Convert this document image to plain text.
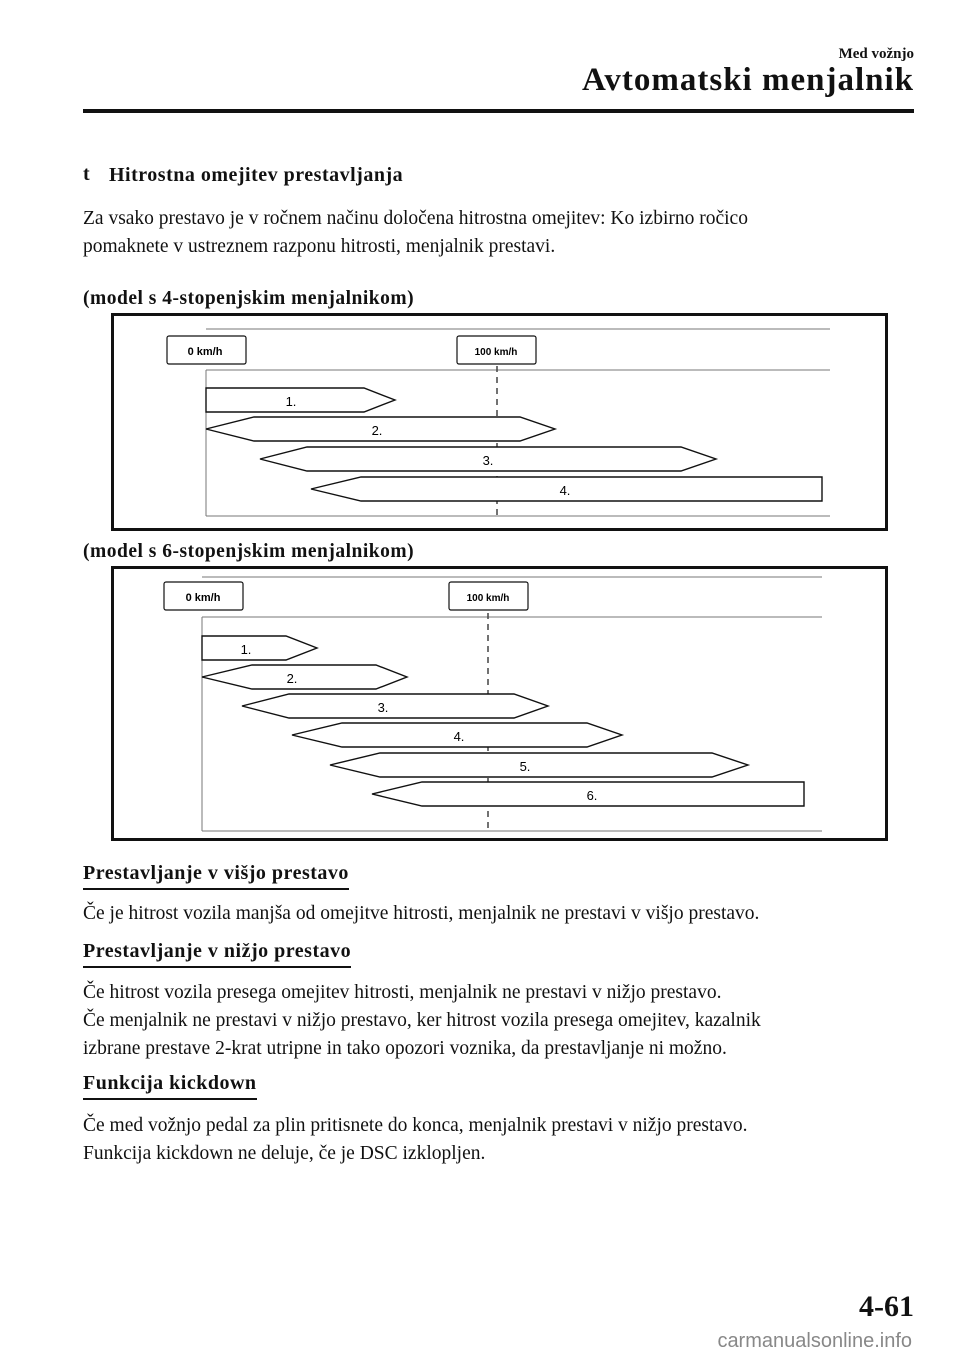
Med vožnjo
Avtomatski menjalnik
t Hitrostna omejitev prestavljanja
Za vsako prestavo je v ročnem načinu določena hitrostna omejitev: Ko izbirno ročico
pomaknete v ustreznem razponu hitrosti, menjalnik prestavi.
(model s 4-stopenjskim menjalnikom)
0 km/h	100 km/h
1.
2.
3.
4.
(model s 6-stopenjskim menjalnikom)
0 km/h	100 km/h
1.
2.
3.
4.
5.
6.
Prestavljanje v višjo prestavo
Če je hitrost vozila manjša od omejitve hitrosti, menjalnik ne prestavi v višjo prestavo.
Prestavljanje v nižjo prestavo
Če hitrost vozila presega omejitev hitrosti, menjalnik ne prestavi v nižjo prestavo.
Če menjalnik ne prestavi v nižjo prestavo, ker hitrost vozila presega omejitev, kazalnik
izbrane prestave 2-krat utripne in tako opozori voznika, da prestavljanje ni možno.
Funkcija kickdown
Če med vožnjo pedal za plin pritisnete do konca, menjalnik prestavi v nižjo prestavo.
Funkcija kickdown ne deluje, če je DSC izklopljen.
4-61
carmanualsonline.info
